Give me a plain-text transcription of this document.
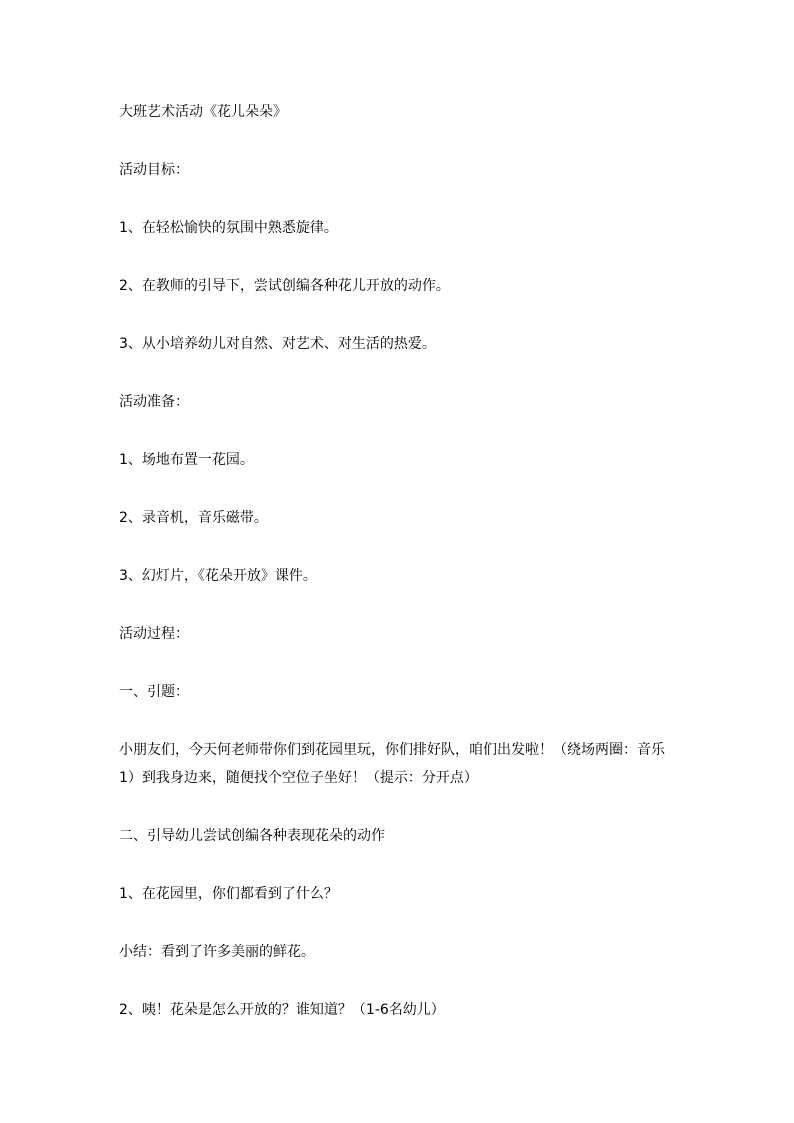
大班艺术活动《花儿朵朵》

活动目标：

1、在轻松愉快的氛围中熟悉旋律。

2、在教师的引导下，尝试创编各种花儿开放的动作。

3、从小培养幼儿对自然、对艺术、对生活的热爱。

活动准备：

1、场地布置一花园。

2、录音机，音乐磁带。

3、幻灯片，《花朵开放》课件。

活动过程：

一、引题：

小朋友们，今天何老师带你们到花园里玩，你们排好队，咱们出发啦！（绕场两圈：音乐1）到我身边来，随便找个空位子坐好！（提示：分开点）

二、引导幼儿尝试创编各种表现花朵的动作

1、在花园里，你们都看到了什么？

小结：看到了许多美丽的鲜花。

2、咦！花朵是怎么开放的？谁知道？（1-6名幼儿）
